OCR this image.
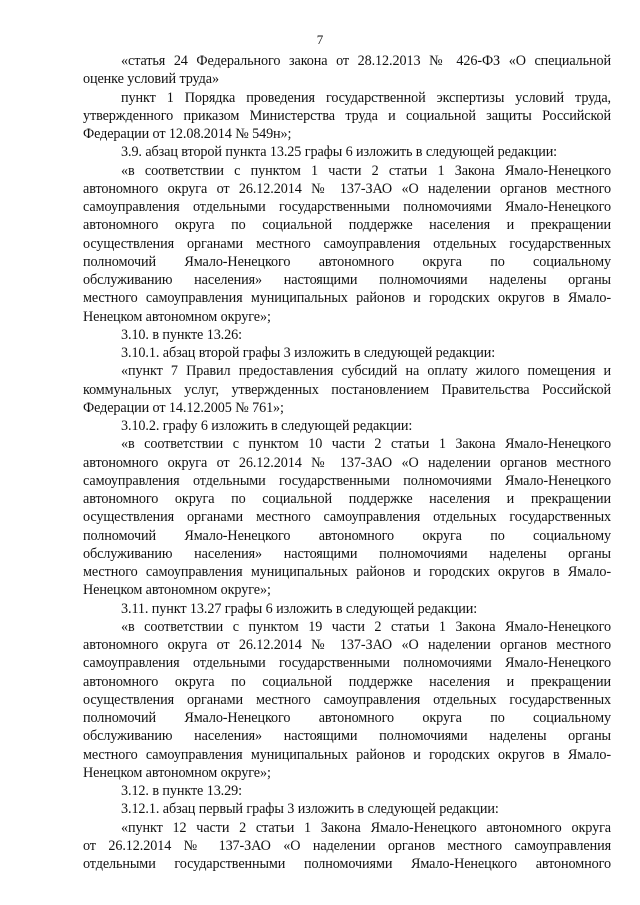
7
«статья 24 Федерального закона от 28.12.2013 № 426-ФЗ «О специальной
оценке условий труда»
пункт 1 Порядка проведения государственной экспертизы условий труда,
утвержденного приказом Министерства труда и социальной защиты Российской
Федерации от 12.08.2014 № 549н»;
3.9. абзац второй пункта 13.25 графы 6 изложить в следующей редакции:
«в соответствии с пунктом 1 части 2 статьи 1 Закона Ямало-Ненецкого
автономного округа от 26.12.2014 № 137-ЗАО «О наделении органов местного
самоуправления отдельными государственными полномочиями Ямало-Ненецкого
автономного округа по социальной поддержке населения и прекращении
осуществления органами местного самоуправления отдельных государственных
полномочий Ямало-Ненецкого автономного округа по социальному
обслуживанию населения» настоящими полномочиями наделены органы
местного самоуправления муниципальных районов и городских округов в Ямало-
Ненецком автономном округе»;
3.10. в пункте 13.26:
3.10.1. абзац второй графы 3 изложить в следующей редакции:
«пункт 7 Правил предоставления субсидий на оплату жилого помещения и
коммунальных услуг, утвержденных постановлением Правительства Российской
Федерации от 14.12.2005 № 761»;
3.10.2. графу 6 изложить в следующей редакции:
«в соответствии с пунктом 10 части 2 статьи 1 Закона Ямало-Ненецкого
автономного округа от 26.12.2014 № 137-ЗАО «О наделении органов местного
самоуправления отдельными государственными полномочиями Ямало-Ненецкого
автономного округа по социальной поддержке населения и прекращении
осуществления органами местного самоуправления отдельных государственных
полномочий Ямало-Ненецкого автономного округа по социальному
обслуживанию населения» настоящими полномочиями наделены органы
местного самоуправления муниципальных районов и городских округов в Ямало-
Ненецком автономном округе»;
3.11. пункт 13.27 графы 6 изложить в следующей редакции:
«в соответствии с пунктом 19 части 2 статьи 1 Закона Ямало-Ненецкого
автономного округа от 26.12.2014 № 137-ЗАО «О наделении органов местного
самоуправления отдельными государственными полномочиями Ямало-Ненецкого
автономного округа по социальной поддержке населения и прекращении
осуществления органами местного самоуправления отдельных государственных
полномочий Ямало-Ненецкого автономного округа по социальному
обслуживанию населения» настоящими полномочиями наделены органы
местного самоуправления муниципальных районов и городских округов в Ямало-
Ненецком автономном округе»;
3.12. в пункте 13.29:
3.12.1. абзац первый графы 3 изложить в следующей редакции:
«пункт 12 части 2 статьи 1 Закона Ямало-Ненецкого автономного округа
от 26.12.2014 № 137-ЗАО «О наделении органов местного самоуправления
отдельными государственными полномочиями Ямало-Ненецкого автономного
